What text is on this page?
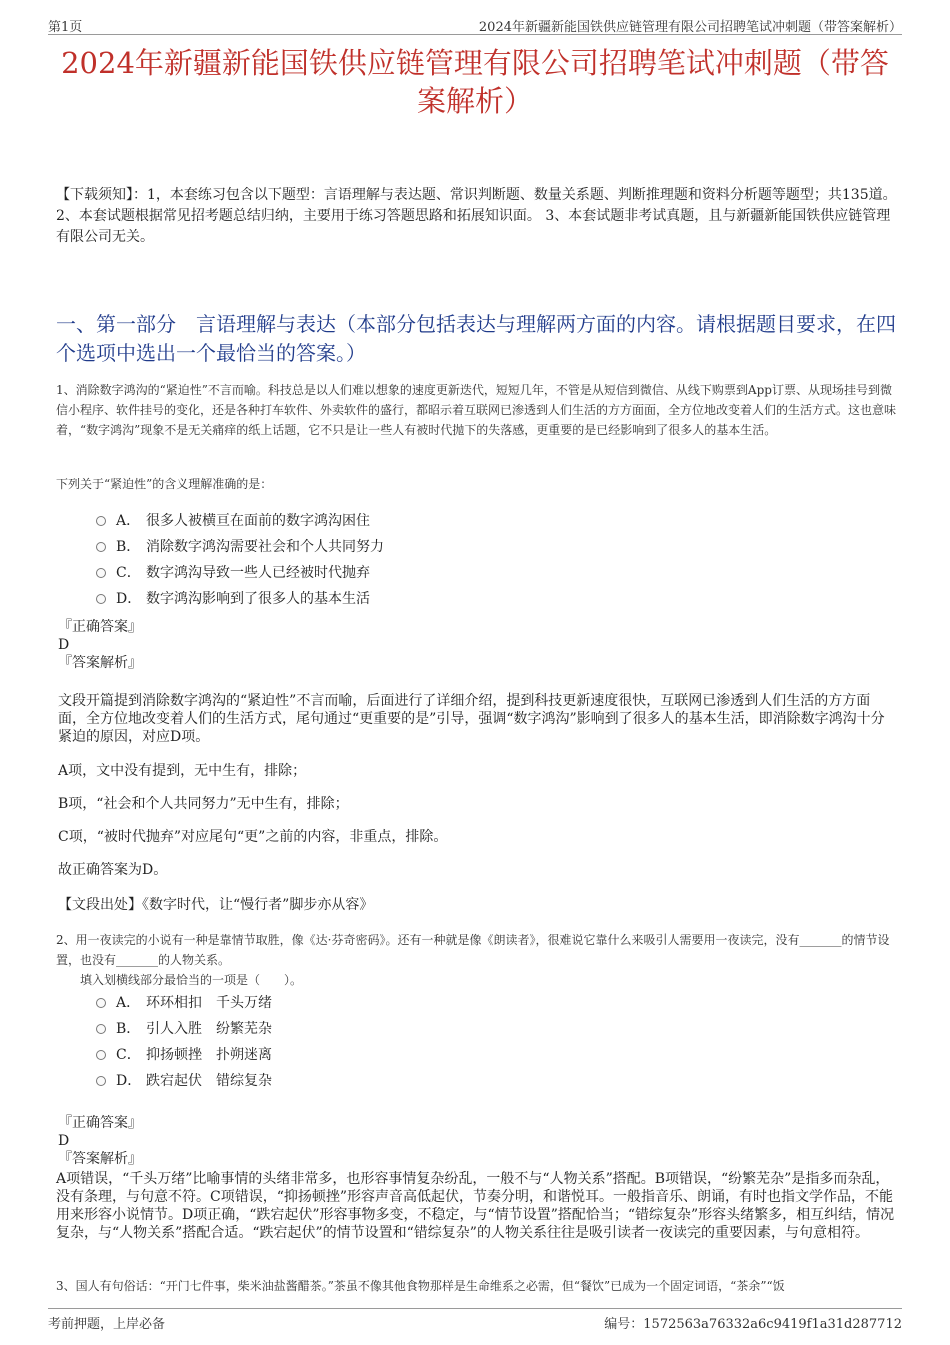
第1页	2024年新疆新能国铁供应链管理有限公司招聘笔试冲刺题（带答案解析）
2024年新疆新能国铁供应链管理有限公司招聘笔试冲刺题（带答案解析）
【下载须知】：1，本套练习包含以下题型：言语理解与表达题、常识判断题、数量关系题、判断推理题和资料分析题等题型；共135道。 2、本套试题根据常见招考题总结归纳，主要用于练习答题思路和拓展知识面。 3、本套试题非考试真题，且与新疆新能国铁供应链管理有限公司无关。
一、第一部分　言语理解与表达（本部分包括表达与理解两方面的内容。请根据题目要求，在四个选项中选出一个最恰当的答案。）
1、消除数字鸿沟的“紧迫性”不言而喻。科技总是以人们难以想象的速度更新迭代，短短几年，不管是从短信到微信、从线下购票到App订票、从现场挂号到微信小程序、软件挂号的变化，还是各种打车软件、外卖软件的盛行，都昭示着互联网已渗透到人们生活的方方面面，全方位地改变着人们的生活方式。这也意味着，“数字鸿沟”现象不是无关痛痒的纸上话题，它不只是让一些人有被时代抛下的失落感，更重要的是已经影响到了很多人的基本生活。
下列关于“紧迫性”的含义理解准确的是：
A． 很多人被横亘在面前的数字鸿沟困住
B． 消除数字鸿沟需要社会和个人共同努力
C． 数字鸿沟导致一些人已经被时代抛弃
D． 数字鸿沟影响到了很多人的基本生活
『正确答案』
D
『答案解析』

文段开篇提到消除数字鸿沟的“紧迫性”不言而喻，后面进行了详细介绍，提到科技更新速度很快，互联网已渗透到人们生活的方方面面，全方位地改变着人们的生活方式，尾句通过“更重要的是”引导，强调“数字鸿沟”影响到了很多人的基本生活，即消除数字鸿沟十分紧迫的原因，对应D项。

A项，文中没有提到，无中生有，排除；

B项，“社会和个人共同努力”无中生有，排除；

C项，“被时代抛弃”对应尾句“更”之前的内容，非重点，排除。

故正确答案为D。

【文段出处】《数字时代，让“慢行者”脚步亦从容》

2、用一夜读完的小说有一种是靠情节取胜，像《达·芬奇密码》。还有一种就是像《朗读者》，很难说它靠什么来吸引人需要用一夜读完，没有_______的情节设置，也没有_______的人物关系。
填入划横线部分最恰当的一项是（　　）。
A． 环环相扣　千头万绪
B． 引人入胜　纷繁芜杂
C． 抑扬顿挫　扑朔迷离
D． 跌宕起伏　错综复杂
『正确答案』
D
『答案解析』

A项错误，“千头万绪”比喻事情的头绪非常多，也形容事情复杂纷乱，一般不与“人物关系”搭配。B项错误，“纷繁芜杂”是指多而杂乱，没有条理，与句意不符。C项错误，“抑扬顿挫”形容声音高低起伏，节奏分明，和谐悦耳。一般指音乐、朗诵，有时也指文学作品，不能用来形容小说情节。D项正确，“跌宕起伏”形容事物多变，不稳定，与“情节设置”搭配恰当；“错综复杂”形容头绪繁多，相互纠结，情况复杂，与“人物关系”搭配合适。“跌宕起伏”的情节设置和“错综复杂”的人物关系往往是吸引读者一夜读完的重要因素，与句意相符。

3、国人有句俗话：“开门七件事，柴米油盐酱醋茶。”茶虽不像其他食物那样是生命维系之必需，但“餐饮”已成为一个固定词语，“茶余”“饭
考前押题，上岸必备	编号：1572563a76332a6c9419f1a31d287712
